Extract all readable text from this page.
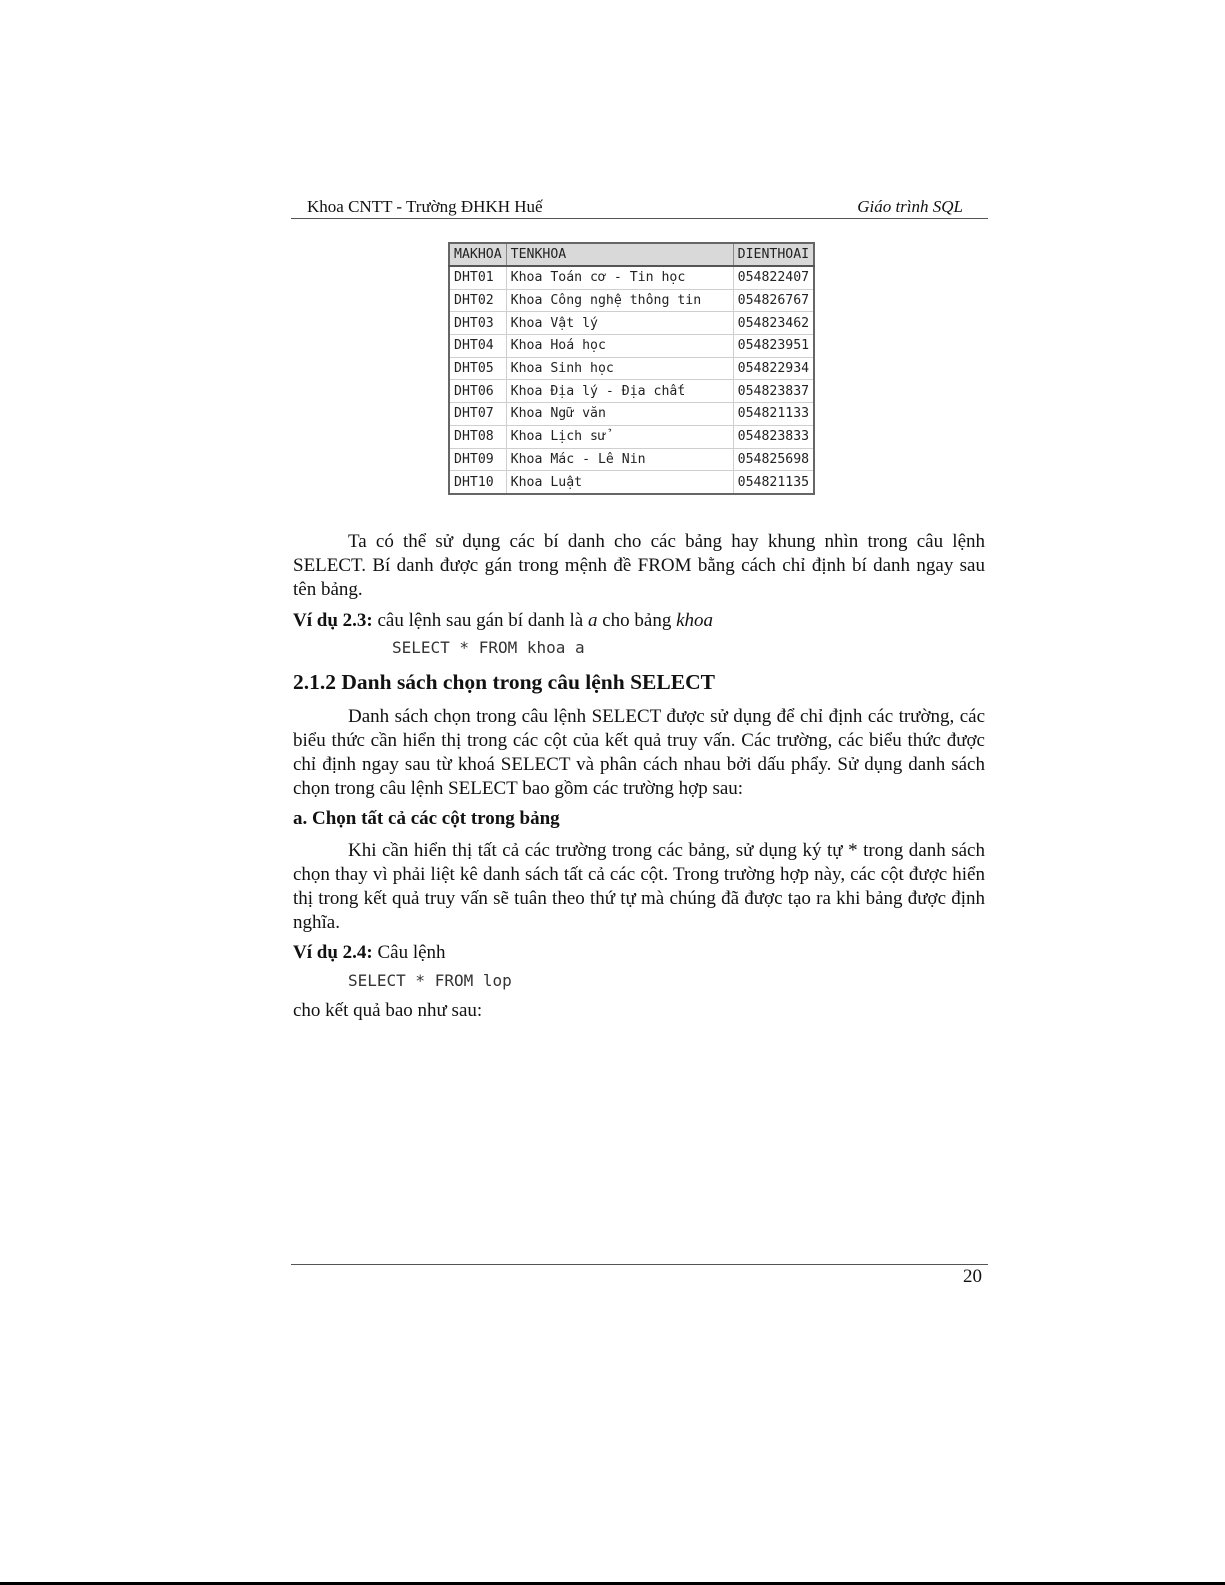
Khoa CNTT - Trường ĐHKH Huế	Giáo trình SQL
MAKHOA	TENKHOA	DIENTHOAI
DHT01	Khoa Toán cơ - Tin học	054822407
DHT02	Khoa Công nghệ thông tin	054826767
DHT03	Khoa Vật lý	054823462
DHT04	Khoa Hoá học	054823951
DHT05	Khoa Sinh học	054822934
DHT06	Khoa Địa lý - Địa chất	054823837
DHT07	Khoa Ngữ văn	054821133
DHT08	Khoa Lịch sử	054823833
DHT09	Khoa Mác - Lê Nin	054825698
DHT10	Khoa Luật	054821135
Ta có thể sử dụng các bí danh cho các bảng hay khung nhìn trong câu lệnh SELECT. Bí danh được gán trong mệnh đề FROM bằng cách chỉ định bí danh ngay sau tên bảng.
Ví dụ 2.3: câu lệnh sau gán bí danh là a cho bảng khoa
SELECT * FROM khoa a
2.1.2 Danh sách chọn trong câu lệnh SELECT
Danh sách chọn trong câu lệnh SELECT được sử dụng để chỉ định các trường, các biểu thức cần hiển thị trong các cột của kết quả truy vấn. Các trường, các biểu thức được chỉ định ngay sau từ khoá SELECT và phân cách nhau bởi dấu phẩy. Sử dụng danh sách chọn trong câu lệnh SELECT bao gồm các trường hợp sau:
a. Chọn tất cả các cột trong bảng
Khi cần hiển thị tất cả các trường trong các bảng, sử dụng ký tự * trong danh sách chọn thay vì phải liệt kê danh sách tất cả các cột. Trong trường hợp này, các cột được hiển thị trong kết quả truy vấn sẽ tuân theo thứ tự mà chúng đã được tạo ra khi bảng được định nghĩa.
Ví dụ 2.4: Câu lệnh
SELECT * FROM lop
cho kết quả bao như sau:
20
